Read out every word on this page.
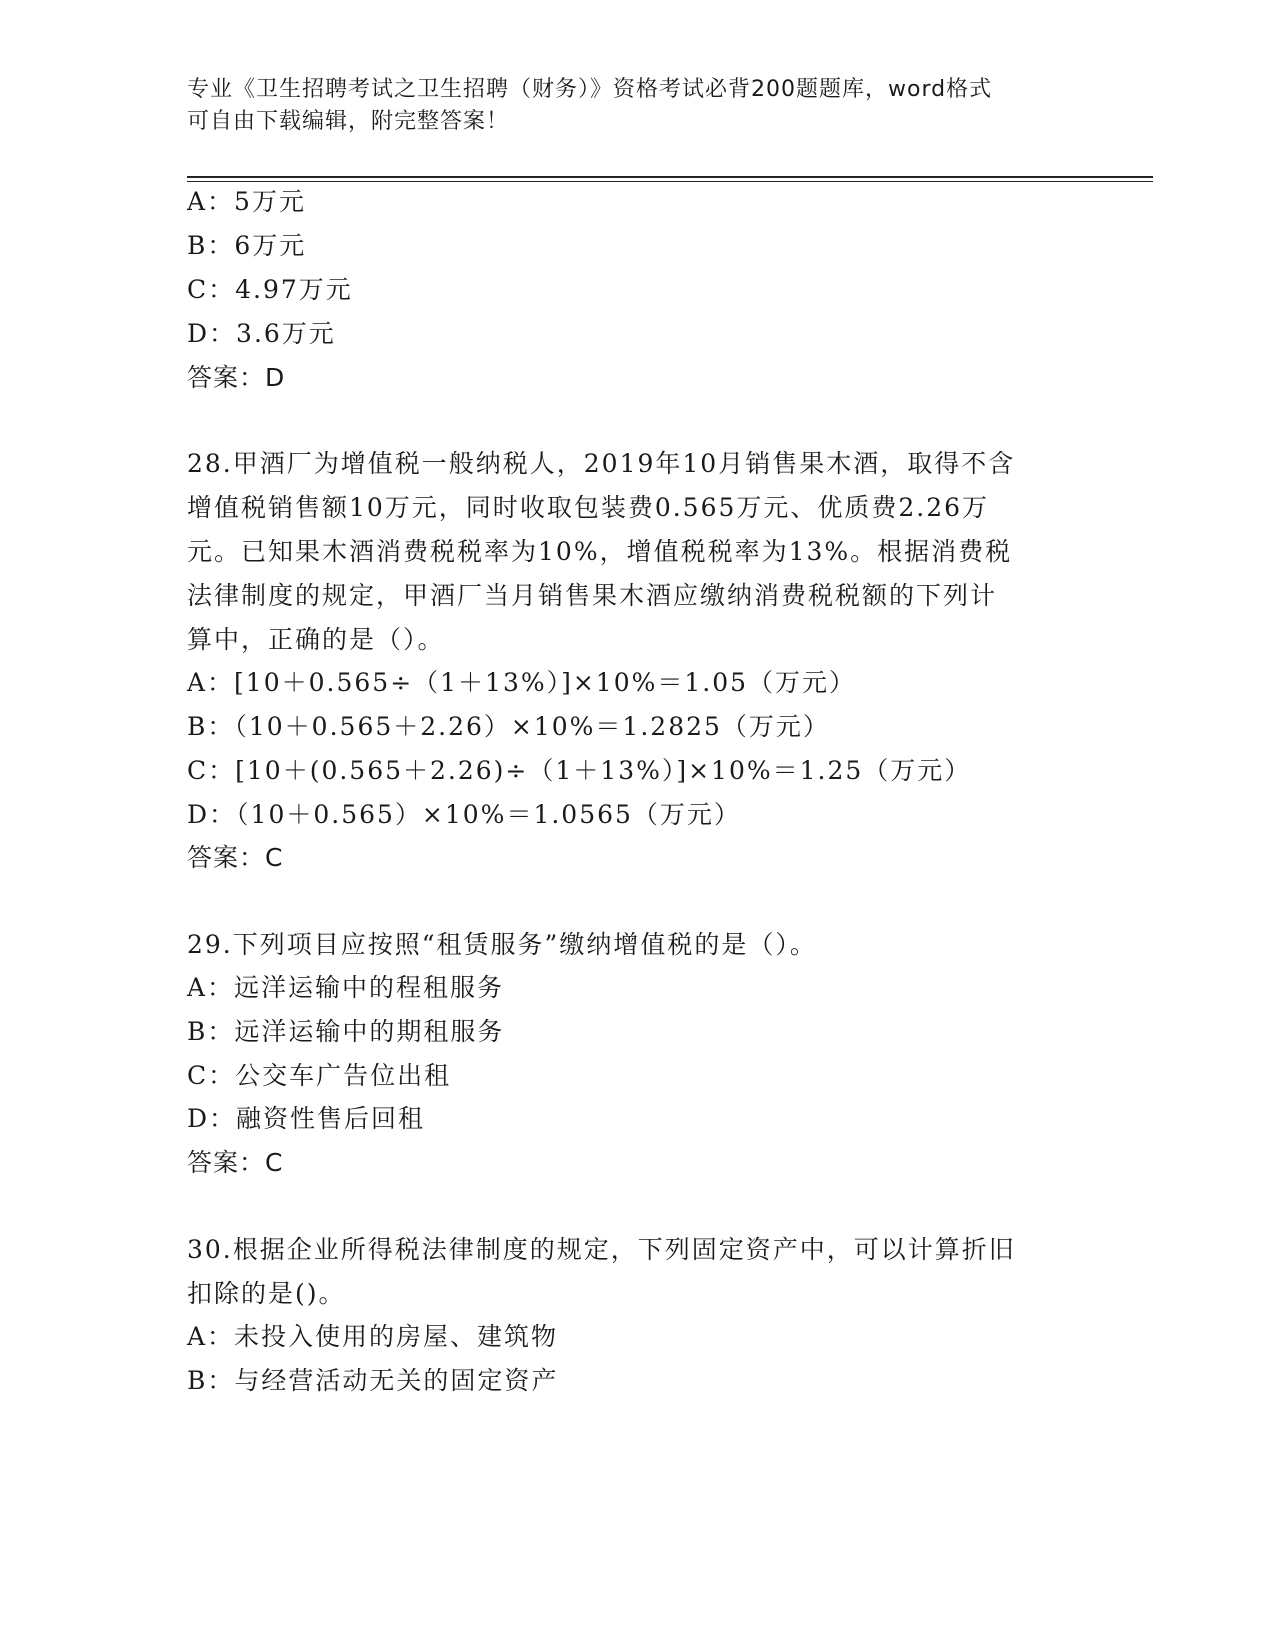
专业《卫生招聘考试之卫生招聘（财务）》资格考试必背200题题库，word格式
可自由下载编辑，附完整答案！
A：5万元
B：6万元
C：4.97万元
D：3.6万元
答案：D
28.甲酒厂为增值税一般纳税人，2019年10月销售果木酒，取得不含
增值税销售额10万元，同时收取包装费0.565万元、优质费2.26万
元。已知果木酒消费税税率为10%，增值税税率为13%。根据消费税
法律制度的规定，甲酒厂当月销售果木酒应缴纳消费税税额的下列计
算中，正确的是（）。
A：[10＋0.565÷（1＋13%）]×10%＝1.05（万元）
B：（10＋0.565＋2.26）×10%＝1.2825（万元）
C：[10＋(0.565＋2.26)÷（1＋13%）]×10%＝1.25（万元）
D：（10＋0.565）×10%＝1.0565（万元）
答案：C
29.下列项目应按照“租赁服务”缴纳增值税的是（）。
A：远洋运输中的程租服务
B：远洋运输中的期租服务
C：公交车广告位出租
D：融资性售后回租
答案：C
30.根据企业所得税法律制度的规定，下列固定资产中，可以计算折旧
扣除的是()。
A：未投入使用的房屋、建筑物
B：与经营活动无关的固定资产
